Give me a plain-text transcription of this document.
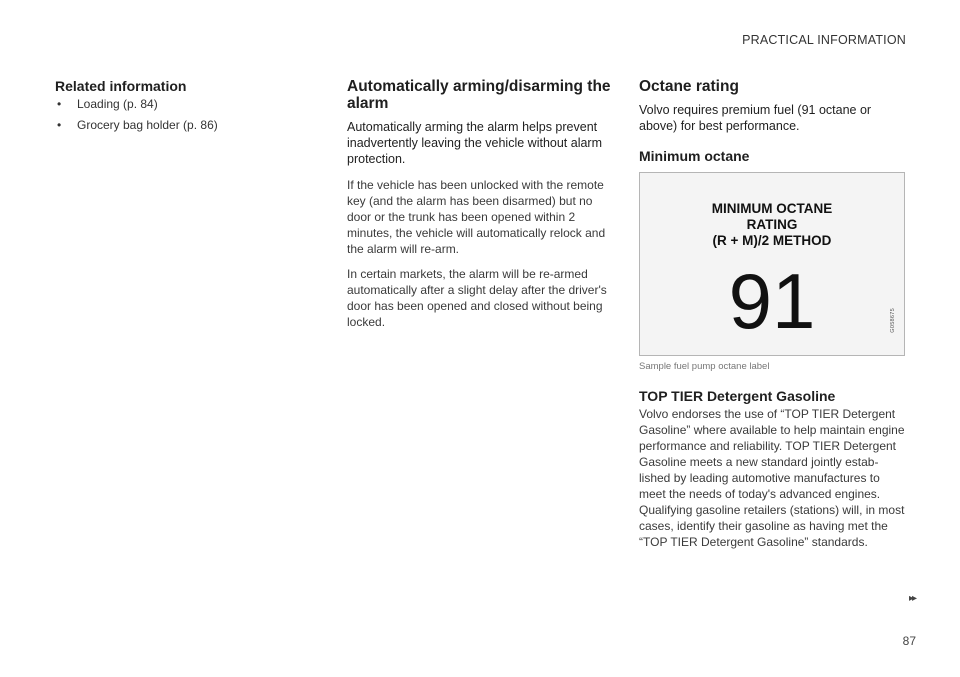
PRACTICAL INFORMATION
Related information
• Loading (p. 84)
• Grocery bag holder (p. 86)
Automatically arming/disarming the alarm

Automatically arming the alarm helps prevent inadvertently leaving the vehicle without alarm protection.

If the vehicle has been unlocked with the remote key (and the alarm has been disarmed) but no door or the trunk has been opened within 2 minutes, the vehicle will automatically relock and the alarm will re-arm.

In certain markets, the alarm will be re-armed automatically after a slight delay after the driver's door has been opened and closed without being locked.

Octane rating

Volvo requires premium fuel (91 octane or above) for best performance.

Minimum octane
MINIMUM OCTANE
RATING
(R + M)/2 METHOD
91	G058675
Sample fuel pump octane label
TOP TIER Detergent Gasoline

Volvo endorses the use of “TOP TIER Detergent Gasoline” where available to help maintain engine performance and reliability. TOP TIER Detergent Gasoline meets a new standard jointly estab-lished by leading automotive manufactures to meet the needs of today's advanced engines. Qualifying gasoline retailers (stations) will, in most cases, identify their gasoline as having met the “TOP TIER Detergent Gasoline” standards.

▸▸
87
